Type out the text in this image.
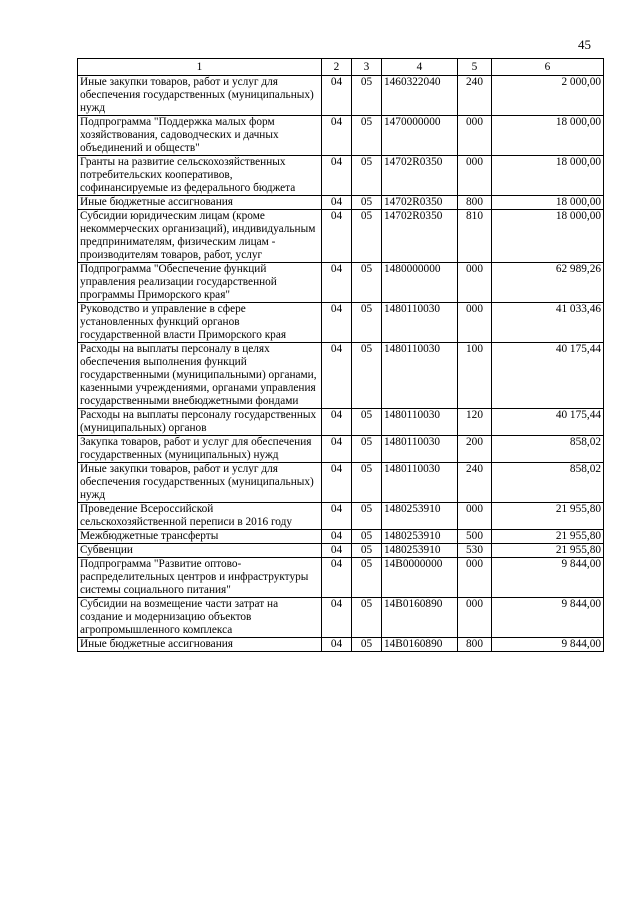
45
1	2	3	4	5	6
Иные закупки товаров, работ и услуг для обеспечения государственных (муниципальных) нужд	04	05	1460322040	240	2 000,00
Подпрограмма "Поддержка малых форм хозяйствования, садоводческих и дачных объединений и обществ"	04	05	1470000000	000	18 000,00
Гранты на развитие сельскохозяйственных потребительских кооперативов, софинансируемые из федерального бюджета	04	05	14702R0350	000	18 000,00
Иные бюджетные ассигнования	04	05	14702R0350	800	18 000,00
Субсидии юридическим лицам (кроме некоммерческих организаций), индивидуальным предпринимателям, физическим лицам - производителям товаров, работ, услуг	04	05	14702R0350	810	18 000,00
Подпрограмма "Обеспечение функций управления реализации государственной программы Приморского края"	04	05	1480000000	000	62 989,26
Руководство и управление в сфере установленных функций органов государственной власти Приморского края	04	05	1480110030	000	41 033,46
Расходы на выплаты персоналу в целях обеспечения выполнения функций государственными (муниципальными) органами, казенными учреждениями, органами управления государственными внебюджетными фондами	04	05	1480110030	100	40 175,44
Расходы на выплаты персоналу государственных (муниципальных) органов	04	05	1480110030	120	40 175,44
Закупка товаров, работ и услуг для обеспечения государственных (муниципальных) нужд	04	05	1480110030	200	858,02
Иные закупки товаров, работ и услуг для обеспечения государственных (муниципальных) нужд	04	05	1480110030	240	858,02
Проведение Всероссийской сельскохозяйственной переписи в 2016 году	04	05	1480253910	000	21 955,80
Межбюджетные трансферты	04	05	1480253910	500	21 955,80
Субвенции	04	05	1480253910	530	21 955,80
Подпрограмма "Развитие оптово-распределительных центров и инфраструктуры системы социального питания"	04	05	14В0000000	000	9 844,00
Субсидии на возмещение части затрат на создание и модернизацию объектов агропромышленного комплекса	04	05	14В0160890	000	9 844,00
Иные бюджетные ассигнования	04	05	14В0160890	800	9 844,00
